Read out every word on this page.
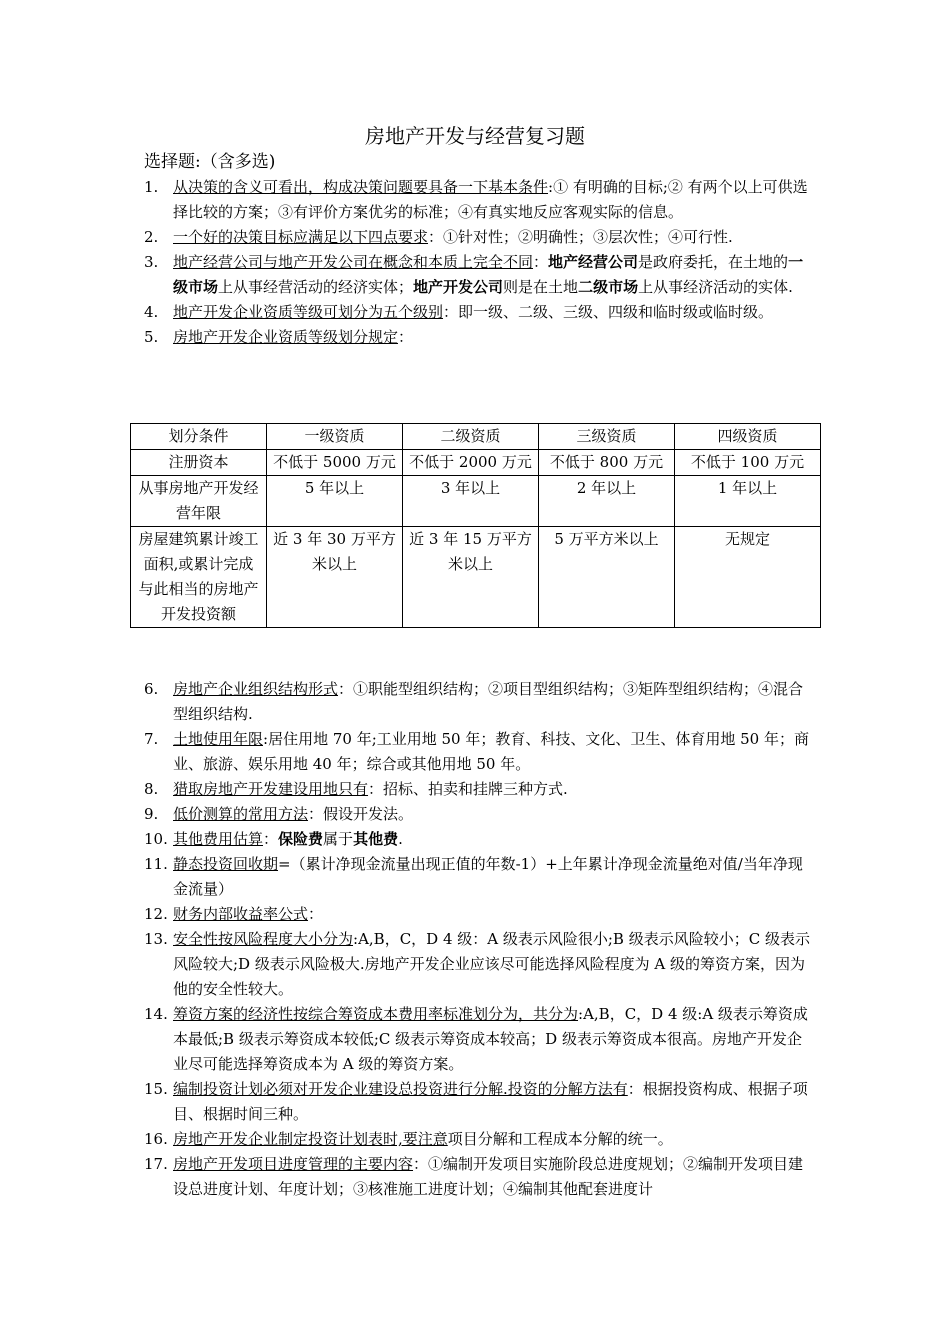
房地产开发与经营复习题
选择题:（含多选)
1. 从决策的含义可看出，构成决策问题要具备一下基本条件:① 有明确的目标;② 有两个以上可供选择比较的方案；③有评价方案优劣的标准；④有真实地反应客观实际的信息。
2. 一个好的决策目标应满足以下四点要求：①针对性；②明确性；③层次性；④可行性.
3. 地产经营公司与地产开发公司在概念和本质上完全不同：地产经营公司是政府委托，在土地的一级市场上从事经营活动的经济实体；地产开发公司则是在土地二级市场上从事经济活动的实体.
4. 地产开发企业资质等级可划分为五个级别：即一级、二级、三级、四级和临时级或临时级。
5. 房地产开发企业资质等级划分规定：
划分条件	一级资质	二级资质	三级资质	四级资质
注册资本	不低于 5000 万元	不低于 2000 万元	不低于 800 万元	不低于 100 万元
从事房地产开发经营年限	5 年以上	3 年以上	2 年以上	1 年以上
房屋建筑累计竣工面积,或累计完成与此相当的房地产开发投资额	近 3 年 30 万平方米以上	近 3 年 15 万平方米以上	5 万平方米以上	无规定
6. 房地产企业组织结构形式：①职能型组织结构；②项目型组织结构；③矩阵型组织结构；④混合型组织结构.
7. 土地使用年限:居住用地 70 年;工业用地 50 年；教育、科技、文化、卫生、体育用地 50 年；商业、旅游、娱乐用地 40 年；综合或其他用地 50 年。
8. 猎取房地产开发建设用地只有：招标、拍卖和挂牌三种方式.
9. 低价测算的常用方法：假设开发法。
10. 其他费用估算：保险费属于其他费.
11. 静态投资回收期=（累计净现金流量出现正值的年数-1）+上年累计净现金流量绝对值/当年净现金流量）
12. 财务内部收益率公式：
13. 安全性按风险程度大小分为:A,B，C，D 4 级：A 级表示风险很小;B 级表示风险较小；C 级表示风险较大;D 级表示风险极大.房地产开发企业应该尽可能选择风险程度为 A 级的筹资方案，因为他的安全性较大。
14. 筹资方案的经济性按综合筹资成本费用率标准划分为，共分为:A,B，C，D 4 级:A 级表示筹资成本最低;B 级表示筹资成本较低;C 级表示筹资成本较高；D 级表示筹资成本很高。房地产开发企业尽可能选择筹资成本为 A 级的筹资方案。
15. 编制投资计划必须对开发企业建设总投资进行分解.投资的分解方法有：根据投资构成、根据子项目、根据时间三种。
16. 房地产开发企业制定投资计划表时,要注意项目分解和工程成本分解的统一。
17. 房地产开发项目进度管理的主要内容：①编制开发项目实施阶段总进度规划；②编制开发项目建设总进度计划、年度计划；③核准施工进度计划；④编制其他配套进度计
